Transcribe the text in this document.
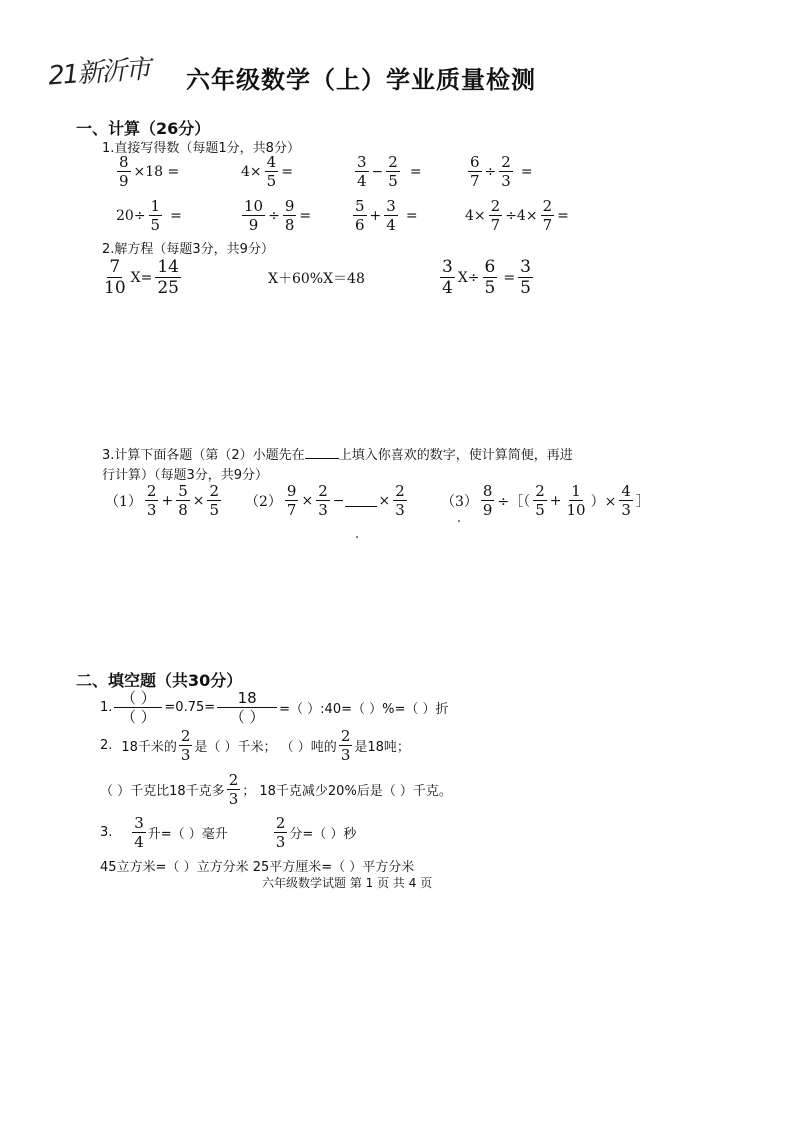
21新沂市 六年级数学（上）学业质量检测
一、计算（26分）
1.直接写得数（每题1分，共8分）
$\frac{8}{9} \times 18$ =	$4\times \frac{4}{5}$ =	$\frac{3}{4} - \frac{2}{5}$ =	$\frac{6}{7} \div \frac{2}{3}$ =
$20\div \frac{1}{5}$ =	$\frac{10}{9} \div \frac{9}{8}$ =	$\frac{5}{6} + \frac{3}{4}$ =	$4\times \frac{2}{7} \div 4\times \frac{2}{7}$ =
2.解方程（每题3分，共9分）
$\frac{7}{10} X= \frac{14}{25}$	X＋60%X＝48	$\frac{3}{4} X\div \frac{6}{5} = \frac{3}{5}$
3.计算下面各题（第（2）小题先在	上填入你喜欢的数字，使计算简便，再进
行计算）（每题3分，共9分）
$(1) \frac{2}{3} + \frac{5}{8} \times \frac{2}{5} (2) \frac{9}{7} \times \frac{2}{3}$ − × $\frac{2}{3} (3) \frac{8}{9}$ ÷［（ $\frac{2}{5} + \frac{1}{10}$ ）× $\frac{4}{3}$ ］
二、填空题（共30分）
1. $\frac{( )}{( )} =0.75= \frac{18}{( )}$ =（ ）:40=（ ）%=（ ）折
2.
18千米的 $\frac{2}{3}$ 是（ ）千米； （ ）吨的 $\frac{2}{3}$ 是18吨；
（ ）千克比18千克多 $\frac{2}{3}$ ； 18千克减少20%后是（ ）千克。
3.
$\frac{3}{4}$ 升=（ ）毫升	$\frac{2}{3}$ 分=（ ）秒
45立方米=（ ）立方分米 25平方厘米=（ ）平方分米
六年级数学试题 第 1 页 共 4 页
